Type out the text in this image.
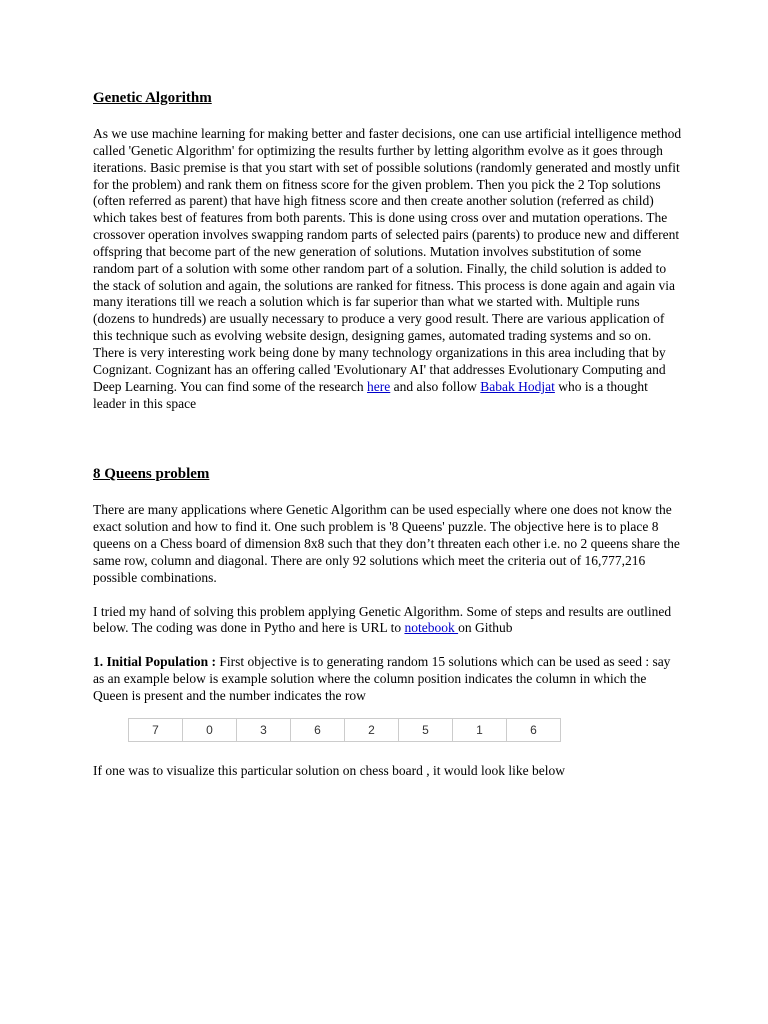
Genetic Algorithm

As we use machine learning for making better and faster decisions, one can use artificial intelligence method called 'Genetic Algorithm' for optimizing the results further by letting algorithm evolve as it goes through iterations. Basic premise is that you start with set of possible solutions (randomly generated and mostly unfit for the problem) and rank them on fitness score for the given problem. Then you pick the 2 Top solutions (often referred as parent) that have high fitness score and then create another solution (referred as child) which takes best of features from both parents. This is done using cross over and mutation operations. The crossover operation involves swapping random parts of selected pairs (parents) to produce new and different offspring that become part of the new generation of solutions. Mutation involves substitution of some random part of a solution with some other random part of a solution. Finally, the child solution is added to the stack of solution and again, the solutions are ranked for fitness. This process is done again and again via many iterations till we reach a solution which is far superior than what we started with. Multiple runs (dozens to hundreds) are usually necessary to produce a very good result. There are various application of this technique such as evolving website design, designing games, automated trading systems and so on. There is very interesting work being done by many technology organizations in this area including that by Cognizant. Cognizant has an offering called 'Evolutionary AI' that addresses Evolutionary Computing and Deep Learning. You can find some of the research here and also follow Babak Hodjat who is a thought leader in this space

8 Queens problem

There are many applications where Genetic Algorithm can be used especially where one does not know the exact solution and how to find it. One such problem is '8 Queens' puzzle. The objective here is to place 8 queens on a Chess board of dimension 8x8 such that they don’t threaten each other i.e. no 2 queens share the same row, column and diagonal. There are only 92 solutions which meet the criteria out of 16,777,216 possible combinations.

I tried my hand of solving this problem applying Genetic Algorithm. Some of steps and results are outlined below. The coding was done in Pytho and here is URL to notebook on Github

1. Initial Population : First objective is to generating random 15 solutions which can be used as seed : say as an example below is example solution where the column position indicates the column in which the Queen is present and the number indicates the row

7	0	3	6	2	5	1	6

If one was to visualize this particular solution on chess board , it would look like below
